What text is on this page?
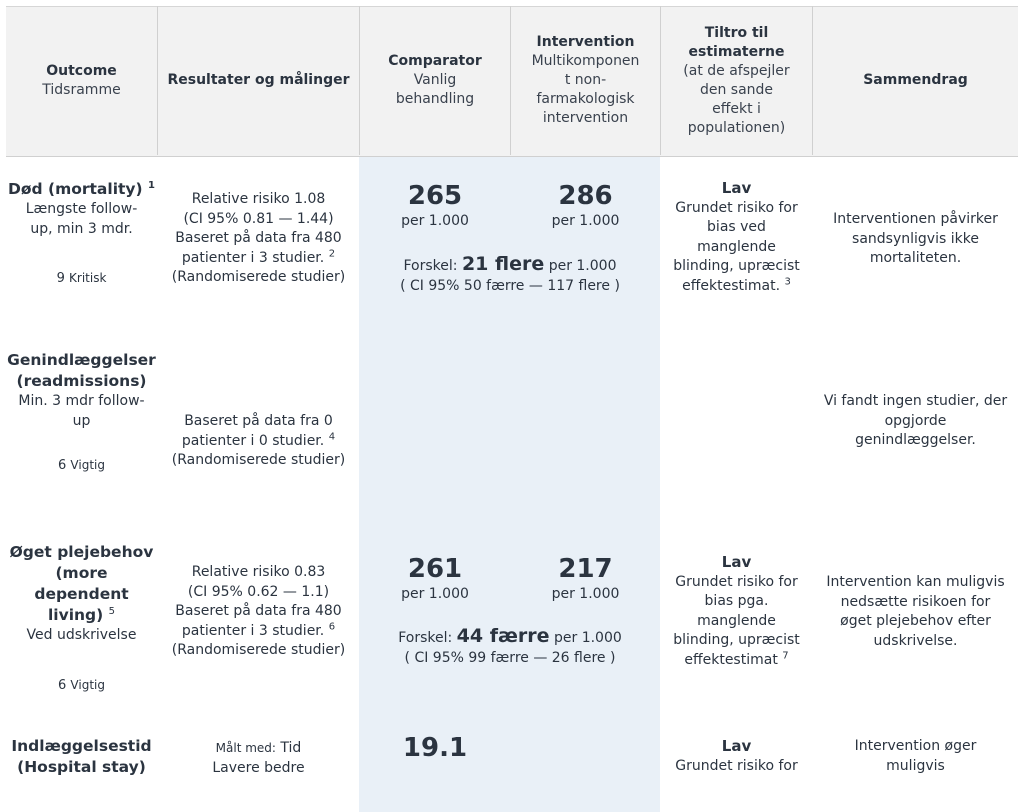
Outcome
Tidsramme
Resultater og målinger
Comparator
Vanlig
behandling
Intervention
Multikomponen
t non-
farmakologisk
intervention
Tiltro til
estimaterne
(at de afspejler
den sande
effekt i
populationen)
Sammendrag
Død (mortality) $^1$
Længste follow-
up, min 3 mdr.
9 Kritisk
Relative risiko 1.08
(CI 95% 0.81 — 1.44)
Baseret på data fra 480
patienter i 3 studier. $^2$
(Randomiserede studier)
265
per 1.000
286
per 1.000
Forskel: 21 flere per 1.000
( CI 95% 50 færre — 117 flere )
Lav
Grundet risiko for
bias ved
manglende
blinding, upræcist
effektestimat. $^3$
Interventionen påvirker
sandsynligvis ikke
mortaliteten.
Genindlæggelser
(readmissions)
Min. 3 mdr follow-
up
6 Vigtig
Baseret på data fra 0
patienter i 0 studier. $^4$
(Randomiserede studier)
Vi fandt ingen studier, der
opgjorde
genindlæggelser.
Øget plejebehov
(more dependent
living) $^5$
Ved udskrivelse
6 Vigtig
Relative risiko 0.83
(CI 95% 0.62 — 1.1)
Baseret på data fra 480
patienter i 3 studier. $^6$
(Randomiserede studier)
261
per 1.000
217
per 1.000
Forskel: 44 færre per 1.000
( CI 95% 99 færre — 26 flere )
Lav
Grundet risiko for
bias pga.
manglende
blinding, upræcist
effektestimat $^7$
Intervention kan muligvis
nedsætte risikoen for
øget plejebehov efter
udskrivelse.
Indlæggelsestid
(Hospital stay)
Målt med: Tid
Lavere bedre
19.1	Lav
Grundet risiko for
Intervention øger
muligvis
